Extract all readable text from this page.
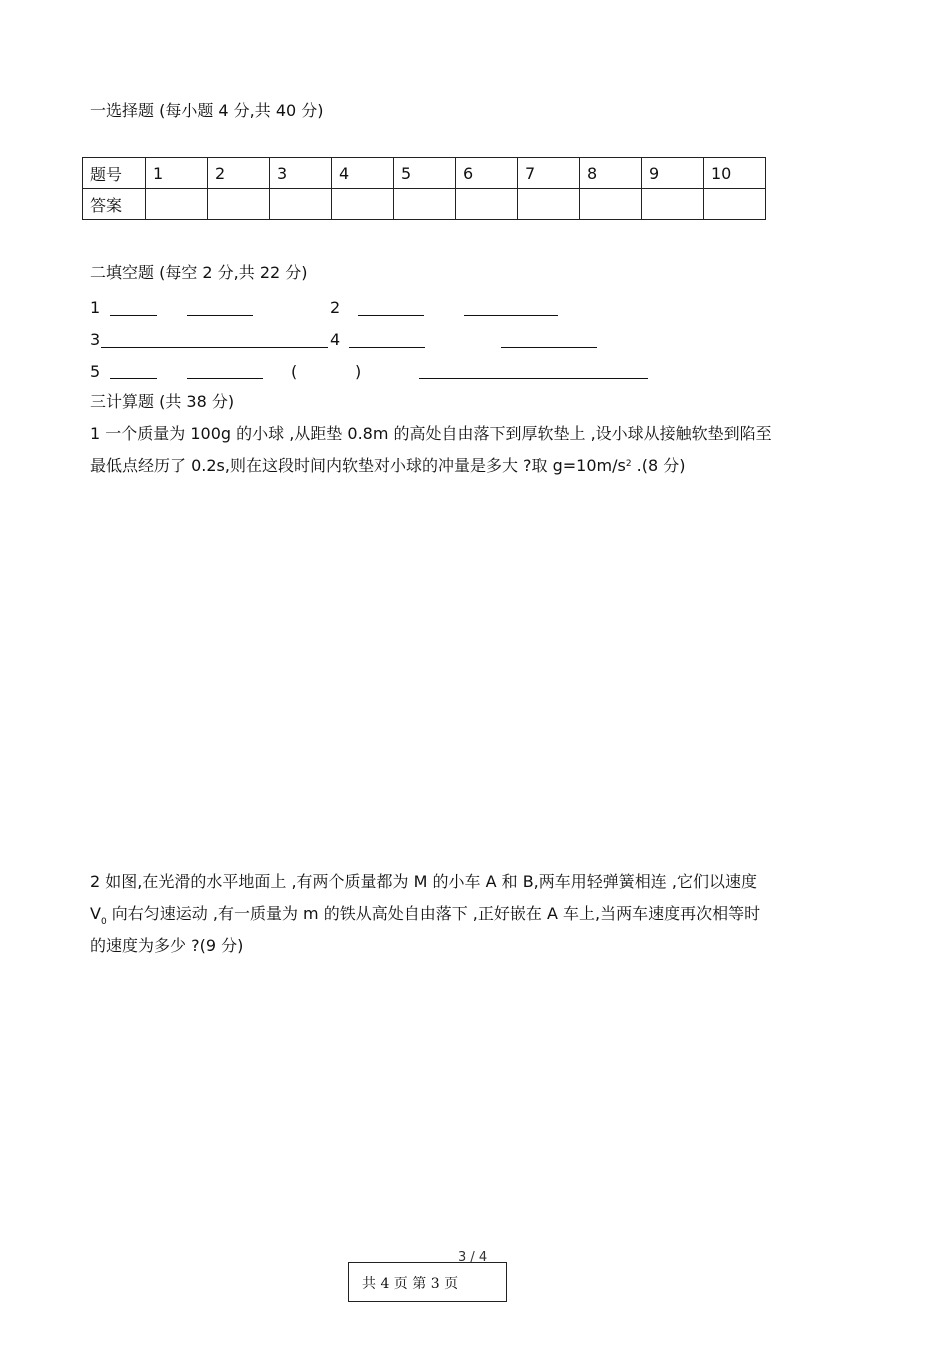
一选择题 (每小题 4 分,共 40 分)
题号	1	2	3	4	5	6	7	8	9	10
答案										
二填空题 (每空 2 分,共 22 分)
1	2
3	4
5	(	)
三计算题 (共 38 分)
1 一个质量为 100g 的小球 ,从距垫 0.8m 的高处自由落下到厚软垫上 ,设小球从接触软垫到陷至
最低点经历了 0.2s,则在这段时间内软垫对小球的冲量是多大 ?取 $g=10m/s^2$ .(8 分)
2 如图,在光滑的水平地面上 ,有两个质量都为 M 的小车 A 和 B,两车用轻弹簧相连 ,它们以速度
$V_0$ 向右匀速运动 ,有一质量为 m 的铁从高处自由落下 ,正好嵌在 A 车上,当两车速度再次相等时
的速度为多少 ?(9 分)
3 / 4
共 4 页 第 3 页
